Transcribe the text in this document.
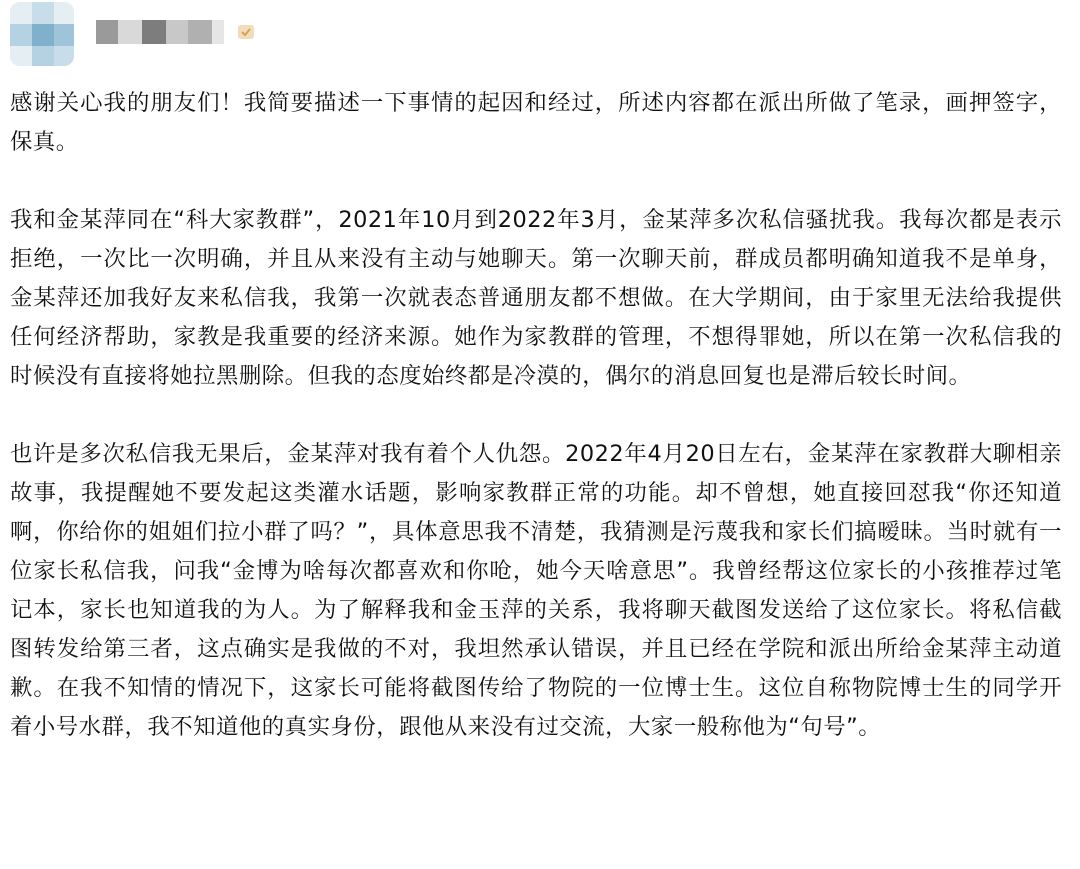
感谢关心我的朋友们！我简要描述一下事情的起因和经过，所述内容都在派出所做了笔录，画押签字，保真。

我和金某萍同在“科大家教群”，2021年10月到2022年3月，金某萍多次私信骚扰我。我每次都是表示拒绝，一次比一次明确，并且从来没有主动与她聊天。第一次聊天前，群成员都明确知道我不是单身，金某萍还加我好友来私信我，我第一次就表态普通朋友都不想做。在大学期间，由于家里无法给我提供任何经济帮助，家教是我重要的经济来源。她作为家教群的管理，不想得罪她，所以在第一次私信我的时候没有直接将她拉黑删除。但我的态度始终都是冷漠的，偶尔的消息回复也是滞后较长时间。

也许是多次私信我无果后，金某萍对我有着个人仇怨。2022年4月20日左右，金某萍在家教群大聊相亲故事，我提醒她不要发起这类灌水话题，影响家教群正常的功能。却不曾想，她直接回怼我“你还知道啊，你给你的姐姐们拉小群了吗？”，具体意思我不清楚，我猜测是污蔑我和家长们搞暧昧。当时就有一位家长私信我，问我“金博为啥每次都喜欢和你呛，她今天啥意思”。我曾经帮这位家长的小孩推荐过笔记本，家长也知道我的为人。为了解释我和金玉萍的关系，我将聊天截图发送给了这位家长。将私信截图转发给第三者，这点确实是我做的不对，我坦然承认错误，并且已经在学院和派出所给金某萍主动道歉。在我不知情的情况下，这家长可能将截图传给了物院的一位博士生。这位自称物院博士生的同学开着小号水群，我不知道他的真实身份，跟他从来没有过交流，大家一般称他为“句号”。
